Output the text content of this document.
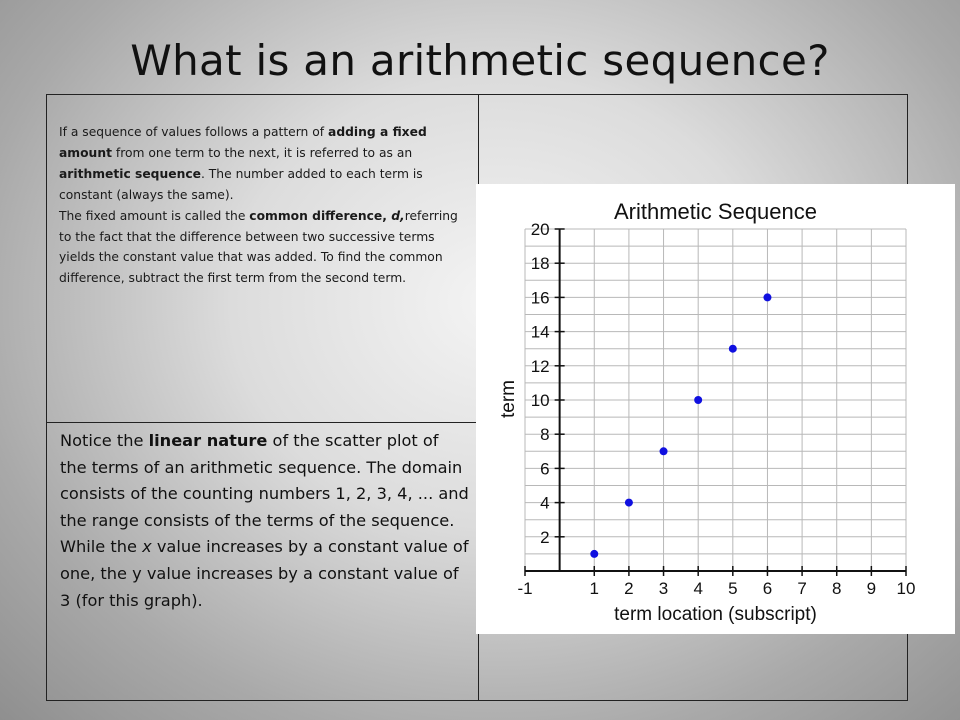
What is an arithmetic sequence?
If a sequence of values follows a pattern of adding a fixed amount from one term to the next, it is referred to as an arithmetic sequence. The number added to each term is constant (always the same).
The fixed amount is called the common difference, d,referring to the fact that the difference between two successive terms yields the constant value that was added. To find the common difference, subtract the first term from the second term.
Notice the linear nature of the scatter plot of the terms of an arithmetic sequence. The domain consists of the counting numbers 1, 2, 3, 4, ... and the range consists of the terms of the sequence. While the x value increases by a constant value of one, the y value increases by a constant value of 3 (for this graph).
-1	1 2 3 4 5 6 7 8 9 10
2
4
6
8
10
12
14
16
18
20
Arithmetic Sequence
term location (subscript)
term
